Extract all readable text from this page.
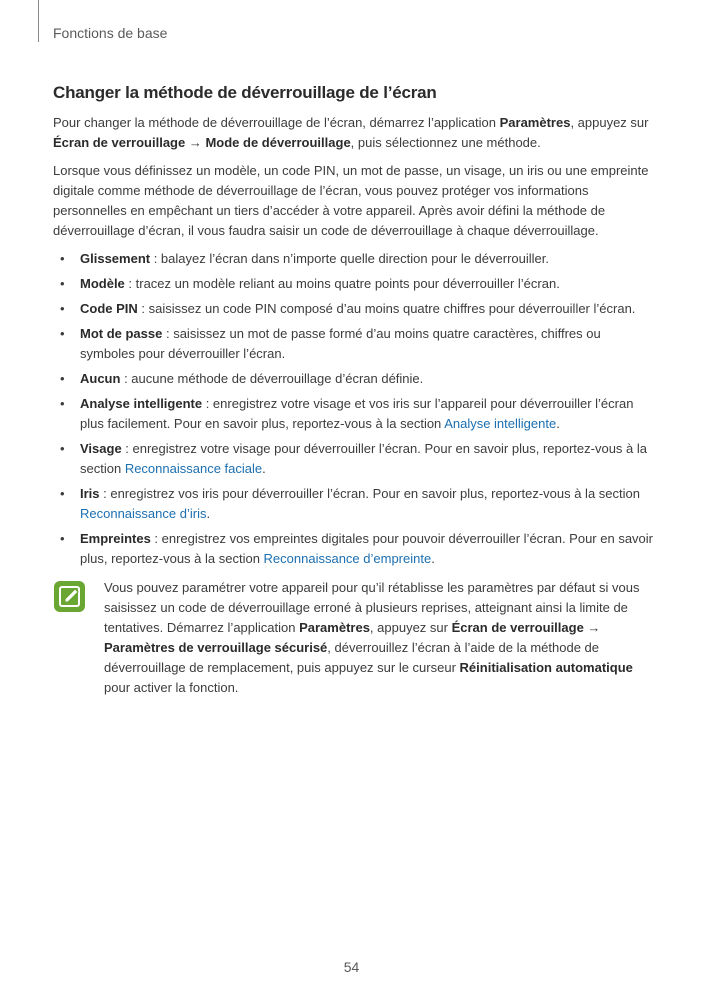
Fonctions de base
Changer la méthode de déverrouillage de l’écran

Pour changer la méthode de déverrouillage de l’écran, démarrez l’application Paramètres, appuyez sur Écran de verrouillage → Mode de déverrouillage, puis sélectionnez une méthode.

Lorsque vous définissez un modèle, un code PIN, un mot de passe, un visage, un iris ou une empreinte digitale comme méthode de déverrouillage de l’écran, vous pouvez protéger vos informations personnelles en empêchant un tiers d’accéder à votre appareil. Après avoir défini la méthode de déverrouillage d’écran, il vous faudra saisir un code de déverrouillage à chaque déverrouillage.

• Glissement : balayez l’écran dans n’importe quelle direction pour le déverrouiller.
• Modèle : tracez un modèle reliant au moins quatre points pour déverrouiller l’écran.
• Code PIN : saisissez un code PIN composé d’au moins quatre chiffres pour déverrouiller l’écran.
• Mot de passe : saisissez un mot de passe formé d’au moins quatre caractères, chiffres ou symboles pour déverrouiller l’écran.
• Aucun : aucune méthode de déverrouillage d’écran définie.
• Analyse intelligente : enregistrez votre visage et vos iris sur l’appareil pour déverrouiller l’écran plus facilement. Pour en savoir plus, reportez-vous à la section Analyse intelligente.
• Visage : enregistrez votre visage pour déverrouiller l’écran. Pour en savoir plus, reportez-vous à la section Reconnaissance faciale.
• Iris : enregistrez vos iris pour déverrouiller l’écran. Pour en savoir plus, reportez-vous à la section Reconnaissance d’iris.
• Empreintes : enregistrez vos empreintes digitales pour pouvoir déverrouiller l’écran. Pour en savoir plus, reportez-vous à la section Reconnaissance d’empreinte.

Vous pouvez paramétrer votre appareil pour qu’il rétablisse les paramètres par défaut si vous saisissez un code de déverrouillage erroné à plusieurs reprises, atteignant ainsi la limite de tentatives. Démarrez l’application Paramètres, appuyez sur Écran de verrouillage → Paramètres de verrouillage sécurisé, déverrouillez l’écran à l’aide de la méthode de déverrouillage de remplacement, puis appuyez sur le curseur Réinitialisation automatique pour activer la fonction.

54
